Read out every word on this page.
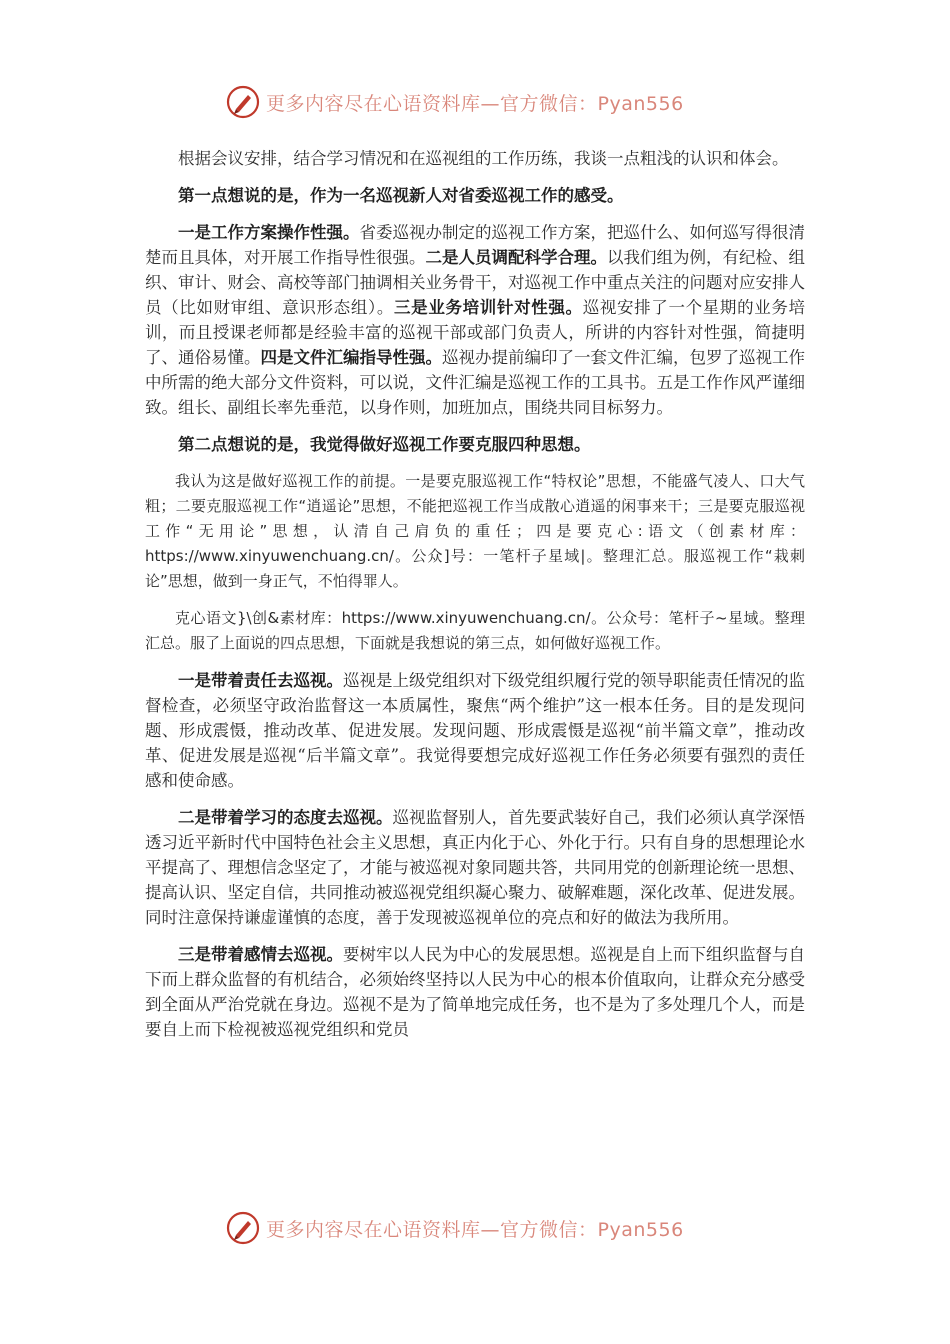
更多内容尽在心语资料库—官方微信：Pyan556

根据会议安排，结合学习情况和在巡视组的工作历练，我谈一点粗浅的认识和体会。

第一点想说的是，作为一名巡视新人对省委巡视工作的感受。

一是工作方案操作性强。省委巡视办制定的巡视工作方案，把巡什么、如何巡写得很清楚而且具体，对开展工作指导性很强。二是人员调配科学合理。以我们组为例，有纪检、组织、审计、财会、高校等部门抽调相关业务骨干，对巡视工作中重点关注的问题对应安排人员（比如财审组、意识形态组）。三是业务培训针对性强。巡视安排了一个星期的业务培训，而且授课老师都是经验丰富的巡视干部或部门负责人，所讲的内容针对性强，简捷明了、通俗易懂。四是文件汇编指导性强。巡视办提前编印了一套文件汇编，包罗了巡视工作中所需的绝大部分文件资料，可以说，文件汇编是巡视工作的工具书。五是工作作风严谨细致。组长、副组长率先垂范，以身作则，加班加点，围绕共同目标努力。

第二点想说的是，我觉得做好巡视工作要克服四种思想。

我认为这是做好巡视工作的前提。一是要克服巡视工作“特权论”思想，不能盛气凌人、口大气粗；二要克服巡视工作“逍遥论”思想，不能把巡视工作当成散心逍遥的闲事来干；三是要克服巡视工作“无用论”思想，认清自己肩负的重任；四是要克心:语文（创素材库：https://www.xinyuwenchuang.cn/。公众]号：一笔杆子星域|。整理汇总。服巡视工作“栽刺论”思想，做到一身正气，不怕得罪人。

克心语文}\创&素材库：https://www.xinyuwenchuang.cn/。公众号：笔杆子~星域。整理汇总。服了上面说的四点思想，下面就是我想说的第三点，如何做好巡视工作。

一是带着责任去巡视。巡视是上级党组织对下级党组织履行党的领导职能责任情况的监督检查，必须坚守政治监督这一本质属性，聚焦“两个维护”这一根本任务。目的是发现问题、形成震慑，推动改革、促进发展。发现问题、形成震慑是巡视“前半篇文章”，推动改革、促进发展是巡视“后半篇文章”。我觉得要想完成好巡视工作任务必须要有强烈的责任感和使命感。

二是带着学习的态度去巡视。巡视监督别人，首先要武装好自己，我们必须认真学深悟透习近平新时代中国特色社会主义思想，真正内化于心、外化于行。只有自身的思想理论水平提高了、理想信念坚定了，才能与被巡视对象同题共答，共同用党的创新理论统一思想、提高认识、坚定自信，共同推动被巡视党组织凝心聚力、破解难题，深化改革、促进发展。同时注意保持谦虚谨慎的态度，善于发现被巡视单位的亮点和好的做法为我所用。

三是带着感情去巡视。要树牢以人民为中心的发展思想。巡视是自上而下组织监督与自下而上群众监督的有机结合，必须始终坚持以人民为中心的根本价值取向，让群众充分感受到全面从严治党就在身边。巡视不是为了简单地完成任务，也不是为了多处理几个人，而是要自上而下检视被巡视党组织和党员

更多内容尽在心语资料库—官方微信：Pyan556
